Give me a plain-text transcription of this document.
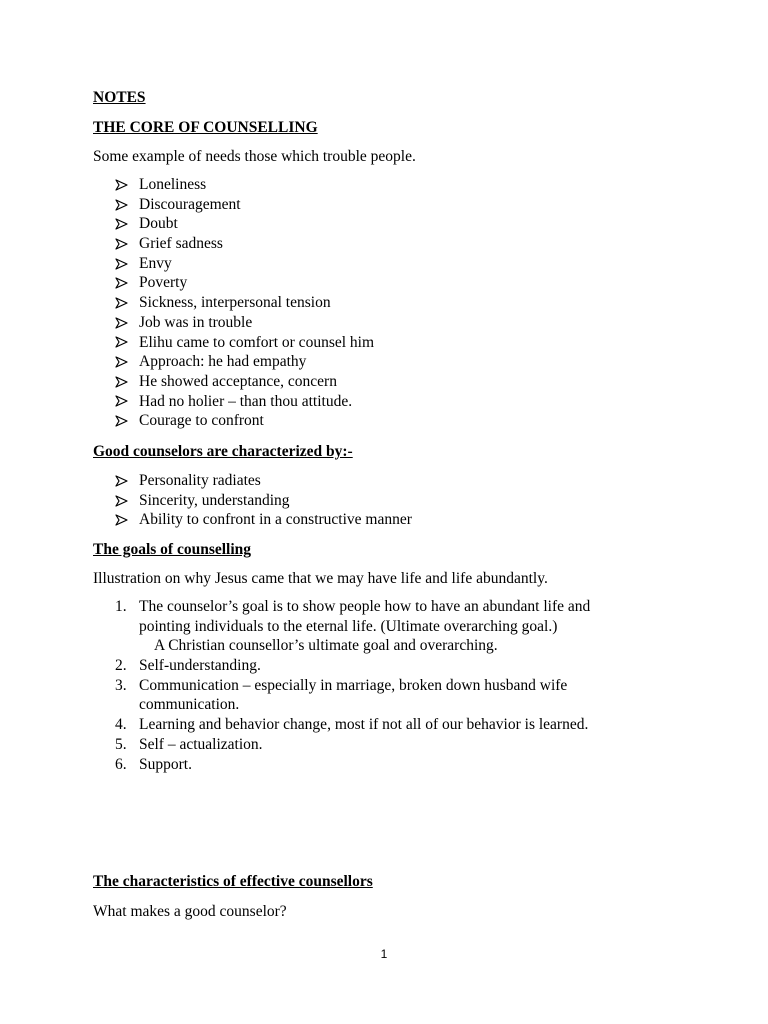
NOTES
THE CORE OF COUNSELLING
Some example of needs those which trouble people.
Loneliness
Discouragement
Doubt
Grief sadness
Envy
Poverty
Sickness, interpersonal tension
Job was in trouble
Elihu came to comfort or counsel him
Approach: he had empathy
He showed acceptance, concern
Had no holier – than thou attitude.
Courage to confront
Good counselors are characterized by:-
Personality radiates
Sincerity, understanding
Ability to confront in a constructive manner
The goals of counselling
Illustration on why Jesus came that we may have life and life abundantly.
1. The counselor’s goal is to show people how to have an abundant life and
pointing individuals to the eternal life. (Ultimate overarching goal.)
A Christian counsellor’s ultimate goal and overarching.
2. Self-understanding.
3. Communication – especially in marriage, broken down husband wife
communication.
4. Learning and behavior change, most if not all of our behavior is learned.
5. Self – actualization.
6. Support.
The characteristics of effective counsellors
What makes a good counselor?
1
